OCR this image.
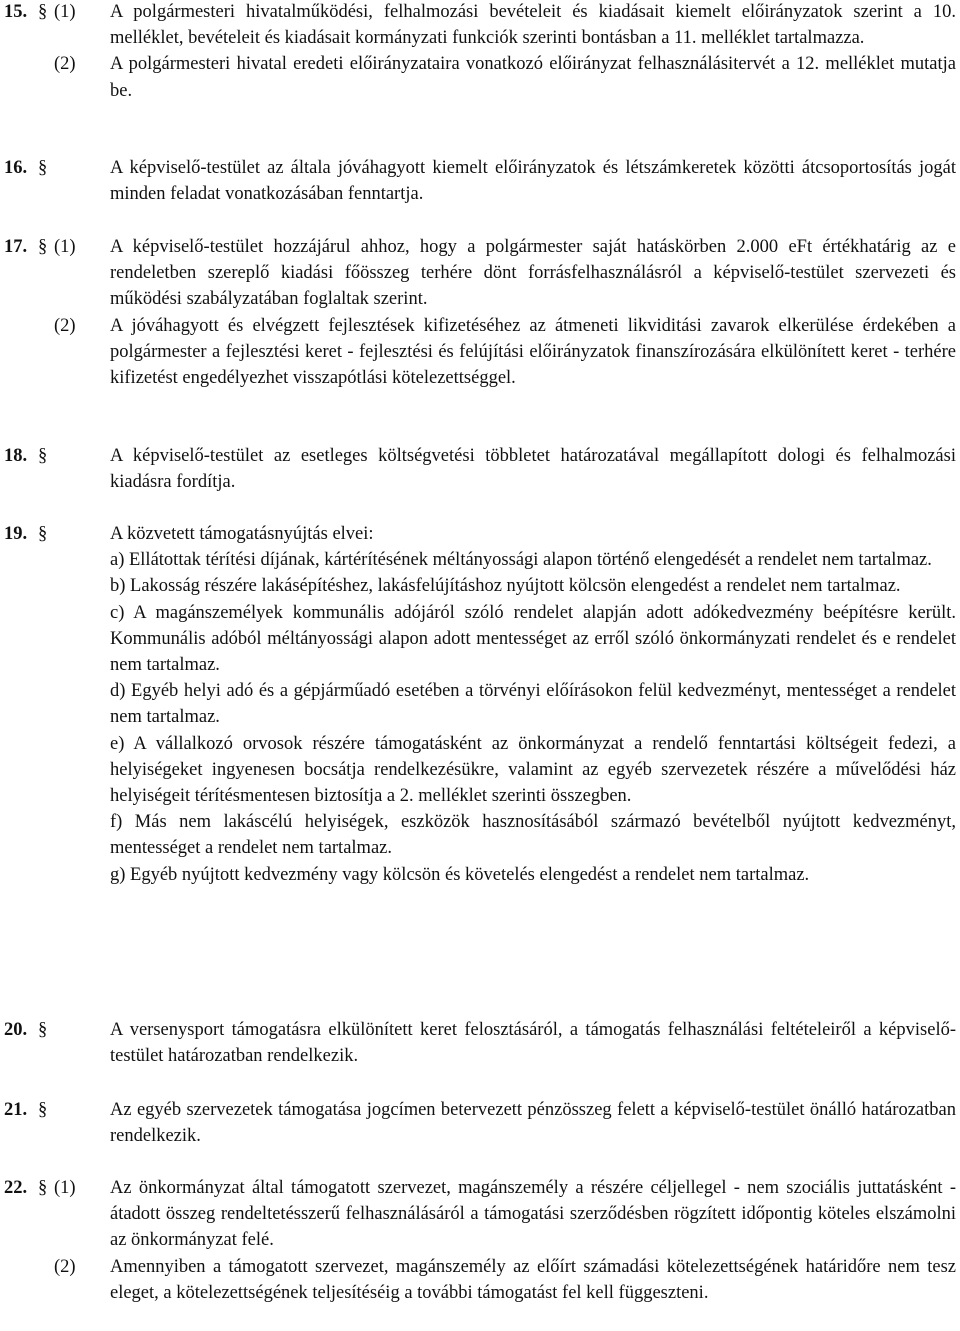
15. § (1) A polgármesteri hivatalműködési, felhalmozási bevételeit és kiadásait kiemelt előirányzatok szerint a 10. melléklet, bevételeit és kiadásait kormányzati funkciók szerinti bontásban a 11. melléklet tartalmazza.
(2) A polgármesteri hivatal eredeti előirányzataira vonatkozó előirányzat felhasználásitervét a 12. melléklet mutatja be.
16. §	A képviselő-testület az általa jóváhagyott kiemelt előirányzatok és létszámkeretek közötti átcsoportosítás jogát minden feladat vonatkozásában fenntartja.
17. § (1) A képviselő-testület hozzájárul ahhoz, hogy a polgármester saját hatáskörben 2.000 eFt értékhatárig az e rendeletben szereplő kiadási főösszeg terhére dönt forrásfelhasználásról a képviselő-testület szervezeti és működési szabályzatában foglaltak szerint.
(2) A jóváhagyott és elvégzett fejlesztések kifizetéséhez az átmeneti likviditási zavarok elkerülése érdekében a polgármester a fejlesztési keret - fejlesztési és felújítási előirányzatok finanszírozására elkülönített keret - terhére kifizetést engedélyezhet visszapótlási kötelezettséggel.
18. §	A képviselő-testület az esetleges költségvetési többletet határozatával megállapított dologi és felhalmozási kiadásra fordítja.
19. §	A közvetett támogatásnyújtás elvei:
a) Ellátottak térítési díjának, kártérítésének méltányossági alapon történő elengedését a rendelet nem tartalmaz.
b) Lakosság részére lakásépítéshez, lakásfelújításhoz nyújtott kölcsön elengedést a rendelet nem tartalmaz.
c) A magánszemélyek kommunális adójáról szóló rendelet alapján adott adókedvezmény beépítésre került. Kommunális adóból méltányossági alapon adott mentességet az erről szóló önkormányzati rendelet és e rendelet nem tartalmaz.
d) Egyéb helyi adó és a gépjárműadó esetében a törvényi előírásokon felül kedvezményt, mentességet a rendelet nem tartalmaz.
e) A vállalkozó orvosok részére támogatásként az önkormányzat a rendelő fenntartási költségeit fedezi, a helyiségeket ingyenesen bocsátja rendelkezésükre, valamint az egyéb szervezetek részére a művelődési ház helyiségeit térítésmentesen biztosítja a 2. melléklet szerinti összegben.
f) Más nem lakáscélú helyiségek, eszközök hasznosításából származó bevételből nyújtott kedvezményt, mentességet a rendelet nem tartalmaz.
g) Egyéb nyújtott kedvezmény vagy kölcsön és követelés elengedést a rendelet nem tartalmaz.
20. §	A versenysport támogatásra elkülönített keret felosztásáról, a támogatás felhasználási feltételeiről a képviselő-testület határozatban rendelkezik.
21. §	Az egyéb szervezetek támogatása jogcímen betervezett pénzösszeg felett a képviselő-testület önálló határozatban rendelkezik.
22. § (1) Az önkormányzat által támogatott szervezet, magánszemély a részére céljellegel - nem szociális juttatásként - átadott összeg rendeltetésszerű felhasználásáról a támogatási szerződésben rögzített időpontig köteles elszámolni az önkormányzat felé.
(2) Amennyiben a támogatott szervezet, magánszemély az előírt számadási kötelezettségének határidőre nem tesz eleget, a kötelezettségének teljesítéséig a további támogatást fel kell függeszteni.
